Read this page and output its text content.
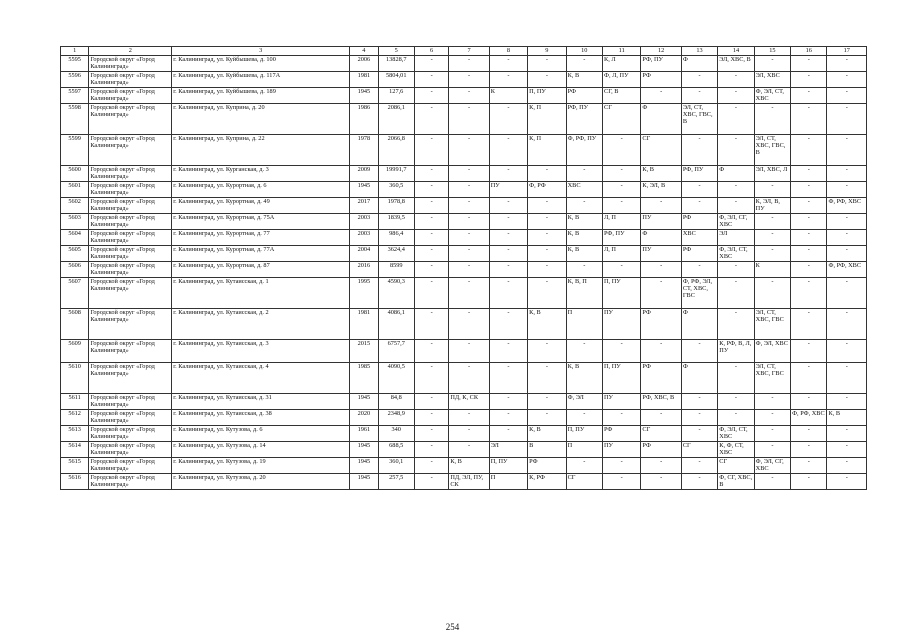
1	2	3	4	5	6	7	8	9	10	11	12	13	14	15	16	17
5595	Городской округ «Город Калининград»	г. Калининград, ул. Куйбышева, д. 100	2006	13828,7	-	-	-	-	-	К, Л	РФ, ПУ	Ф	ЭЛ, ХВС, В	-	-	-
5596	Городской округ «Город Калининград»	г. Калининград, ул. Куйбышева, д. 117А	1981	5804,01	-	-	-	-	К, В	Ф, Л, ПУ	РФ	-	-	ЭЛ, ХВС	-	-
5597	Городской округ «Город Калининград»	г. Калининград, ул. Куйбышева, д. 189	1945	127,6	-	-	К	П, ПУ	РФ	СГ, В	-	-	-	Ф, ЭЛ, СТ, ХВС	-	-
5598	Городской округ «Город Калининград»	г. Калининград, ул. Куприна, д. 20	1986	2086,1	-	-	-	К, П	РФ, ПУ	СГ	Ф	ЭЛ, СТ, ХВС, ГВС, В	-	-	-	-
5599	Городской округ «Город Калининград»	г. Калининград, ул. Куприна, д. 22	1978	2066,8	-	-	-	К, П	Ф, РФ, ПУ	-	СГ	-	-	ЭЛ, СТ, ХВС, ГВС, В	-	-
5600	Городской округ «Город Калининград»	г. Калининград, ул. Курганская, д. 3	2009	19991,7	-	-	-	-	-	-	К, В	РФ, ПУ	Ф	ЭЛ, ХВС, Л	-	-
5601	Городской округ «Город Калининград»	г. Калининград, ул. Курортная, д. 6	1945	360,5	-	-	ПУ	Ф, РФ	ХВС	-	К, ЭЛ, В	-	-	-	-	-
5602	Городской округ «Город Калининград»	г. Калининград, ул. Курортная, д. 49	2017	1978,8	-	-	-	-	-	-	-	-	-	К, ЭЛ, В, ПУ	-	Ф, РФ, ХВС
5603	Городской округ «Город Калининград»	г. Калининград, ул. Курортная, д. 75А	2003	1839,5	-	-	-	-	К, В	Л, П	ПУ	РФ	Ф, ЭЛ, СГ, ХВС	-	-	-
5604	Городской округ «Город Калининград»	г. Калининград, ул. Курортная, д. 77	2003	986,4	-	-	-	-	К, В	РФ, ПУ	Ф	ХВС	ЭЛ	-	-	-
5605	Городской округ «Город Калининград»	г. Калининград, ул. Курортная, д. 77А	2004	3624,4	-	-	-	-	К, В	Л, П	ПУ	РФ	Ф, ЭЛ, СТ, ХВС	-	-	-
5606	Городской округ «Город Калининград»	г. Калининград, ул. Курортная, д. 87	2016	8599	-	-	-	-	-	-	-	-	-	К	-	Ф, РФ, ХВС
5607	Городской округ «Город Калининград»	г. Калининград, ул. Кутаисская, д. 1	1995	4590,3	-	-	-	-	К, В, П	П, ПУ	-	Ф, РФ, ЭЛ, СТ, ХВС, ГВС	-	-	-	-
5608	Городской округ «Город Калининград»	г. Калининград, ул. Кутаисская, д. 2	1981	4086,1	-	-	-	К, В	П	ПУ	РФ	Ф	-	ЭЛ, СТ, ХВС, ГВС	-	-
5609	Городской округ «Город Калининград»	г. Калининград, ул. Кутаисская, д. 3	2015	6757,7	-	-	-	-	-	-	-	-	К, РФ, В, Л, ПУ	Ф, ЭЛ, ХВС	-	-
5610	Городской округ «Город Калининград»	г. Калининград, ул. Кутаисская, д. 4	1985	4090,5	-	-	-	-	К, В	П, ПУ	РФ	Ф	-	ЭЛ, СТ, ХВС, ГВС	-	-
5611	Городской округ «Город Калининград»	г. Калининград, ул. Кутаисская, д. 31	1945	84,8	-	ПД, К, СК	-	-	Ф, ЭЛ	ПУ	РФ, ХВС, В	-	-	-	-	-
5612	Городской округ «Город Калининград»	г. Калининград, ул. Кутаисская, д. 38	2020	2348,9	-	-	-	-	-	-	-	-	-	-	Ф, РФ, ХВС	К, В
5613	Городской округ «Город Калининград»	г. Калининград, ул. Кутузова, д. 6	1961	340	-	-	-	К, В	П, ПУ	РФ	СГ	-	Ф, ЭЛ, СТ, ХВС	-	-	-
5614	Городской округ «Город Калининград»	г. Калининград, ул. Кутузова, д. 14	1945	688,5	-	-	ЭЛ	В	П	ПУ	РФ	СГ	К, Ф, СТ, ХВС	-	-	-
5615	Городской округ «Город Калининград»	г. Калининград, ул. Кутузова, д. 19	1945	360,1	-	К, В	П, ПУ	РФ	-	-	-	-	СГ	Ф, ЭЛ, СГ, ХВС	-	-
5616	Городской округ «Город Калининград»	г. Калининград, ул. Кутузова, д. 20	1945	257,5	-	ПД, ЭЛ, ПУ, СК	П	К, РФ	СГ	-	-	-	Ф, СГ, ХВС, В	-	-	-
254
